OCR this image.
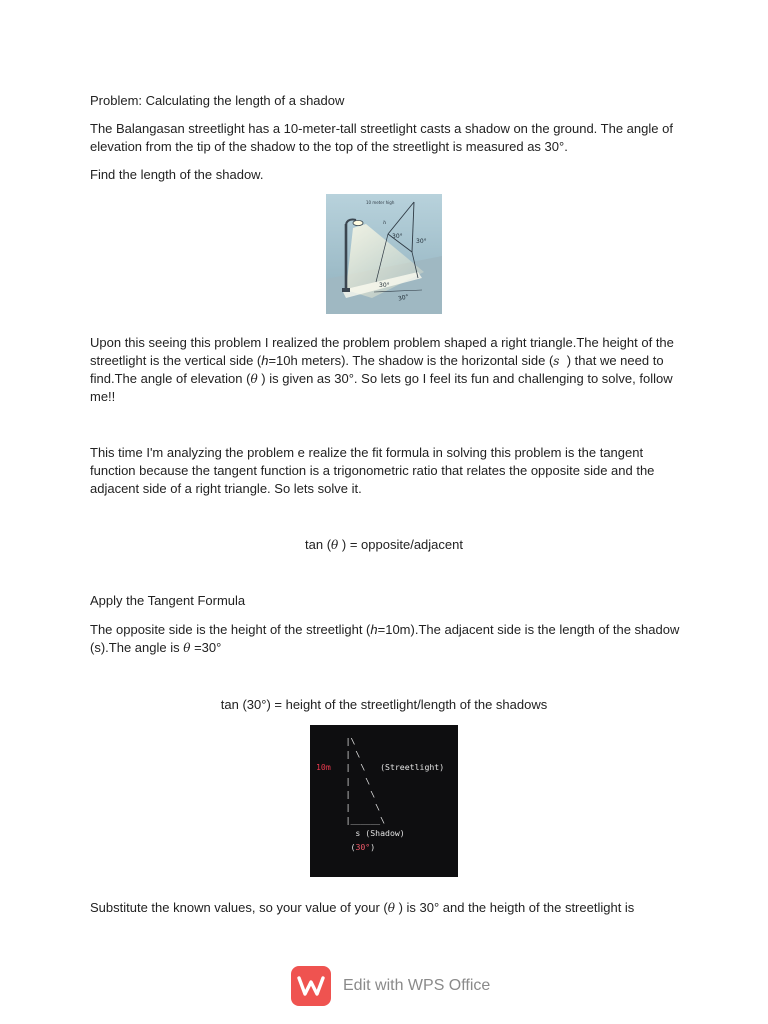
Problem: Calculating the length of a shadow

The Balangasan streetlight has a 10-meter-tall streetlight casts a shadow on the ground. The angle of elevation from the tip of the shadow to the top of the streetlight is measured as 30°.

Find the length of the shadow.

10 meter high
h
30°
30°
30°
30°

Upon this seeing this problem I realized the problem problem shaped a right triangle.The height of the streetlight is the vertical side (h=10h meters). The shadow is the horizontal side (s ) that we need to find.The angle of elevation (θ ) is given as 30°. So lets go I feel its fun and challenging to solve, follow me!!

This time I'm analyzing the problem e realize the fit formula in solving this problem is the tangent function because the tangent function is a trigonometric ratio that relates the opposite side and the adjacent side of a right triangle. So lets solve it.

tan (θ ) = opposite/adjacent

Apply the Tangent Formula

The opposite side is the height of the streetlight (h=10m).The adjacent side is the length of the shadow (s).The angle is θ =30°

tan (30°) = height of the streetlight/length of the shadows
|\
| \
10m   |  \   (Streetlight)
|   \
|    \
|     \
|______\
s (Shadow)
(30°)

Substitute the known values, so your value of your (θ ) is 30° and the heigth of the streetlight is

Edit with WPS Office
